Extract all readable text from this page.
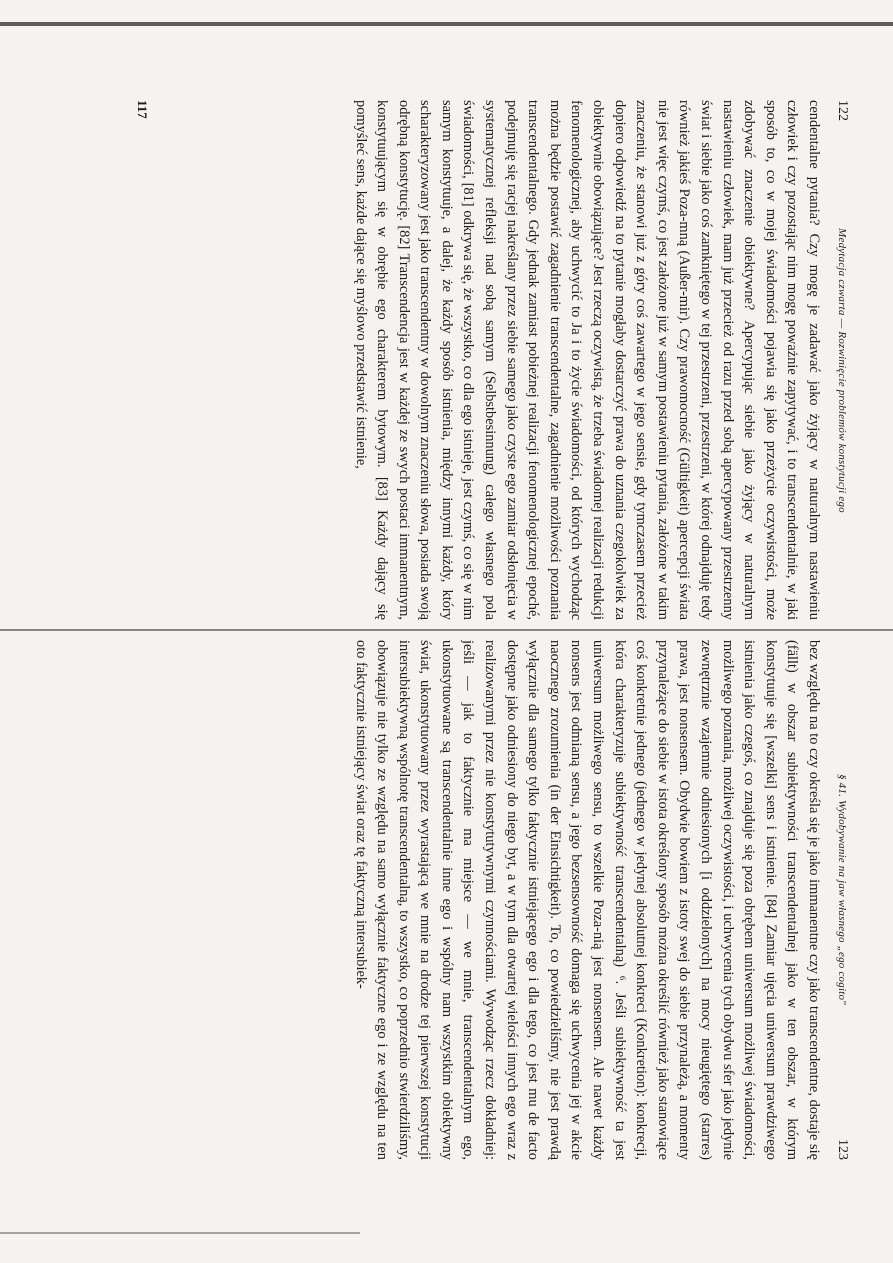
122
Medytacja czwarta — Rozwinięcie problemów konstytucji ego

cendentalne pytania? Czy mogę je zadawać jako żyjący w naturalnym nastawieniu człowiek i czy pozostając nim mogę poważnie zapytywać, i to transcendentalnie, w jaki sposób to, co w mojej świadomości pojawia się jako przeżycie oczywistości, może zdobywać znaczenie obiektywne? Apercypując siebie jako żyjący w naturalnym nastawieniu człowiek, mam już przecież od razu przed sobą apercypowany przestrzenny świat i siebie jako coś zamkniętego w tej przestrzeni, przestrzeni, w której odnajduję tedy również jakieś Poza-mną (Außer-mir). Czy prawomocność (Gültigkeit) apercepcji świata nie jest więc czymś, co jest założone już w samym postawieniu pytania, założone w takim znaczeniu, że stanowi już z góry coś zawartego w jego sensie, gdy tymczasem przecież dopiero odpowiedź na to pytanie mogłaby dostarczyć prawa do uznania czegokolwiek za obiektywnie obowiązujące? Jest rzeczą oczywistą, że trzeba świadomej realizacji redukcji fenomenologicznej, aby uchwycić to Ja i to życie świadomości, od których wychodząc można będzie postawić zagadnienie transcendentalne, zagadnienie możliwości poznania transcendentalnego. Gdy jednak zamiast pobieżnej realizacji fenomenologicznej epoché, podejmuję się racjej nakreślany przez siebie samego jako czyste ego zamiar odsłonięcia w systematycznej refleksji nad sobą samym (Selbstbesinnung) całego własnego pola świadomości, [81] odkrywa się, że wszystko, co dla ego istnieje, jest czymś, co się w nim samym konstytuuje, a dalej, że każdy sposób istnienia, między innymi każdy, który scharakteryzowany jest jako transcendentny w dowolnym znaczeniu słowa, posiada swoją odrębną konstytucję. [82] Transcendencja jest w każdej ze swych postaci immanentnym, konstytuującym się w obrębie ego charakterem bytowym. [83] Każdy dający się pomyśleć sens, każde dające się myślowo przedstawić istnienie,

117
§ 41. Wydobywanie na jaw własnego „ego cogito"
123

bez względu na to czy określa się je jako immanentne czy jako transcendentne, dostaje się (fällt) w obszar subiektywności transcendentalnej jako w ten obszar, w którym konstytuuje się [wszelki] sens i istnienie. [84] Zamiar ujęcia uniwersum prawdziwego istnienia jako czegoś, co znajduje się poza obrębem uniwersum możliwej świadomości, możliwego poznania, możliwej oczywistości, i uchwycenia tych obydwu sfer jako jedynie zewnętrznie wzajemnie odniesionych [i oddzielonych] na mocy nieugiętego (starres) prawa, jest nonsensem. Obydwie bowiem z istoty swej do siebie przynależą, a momenty przynależące do siebie w istota określony sposób można określić również jako stanowiące coś konkretnie jednego (jednego w jedynej absolutnej konkreci (Konkretion): konkrecji, która charakteryzuje subiektywność transcendentalną) ⁶. Jeśli subiektywność ta jest uniwersum możliwego sensu, to wszelkie Poza-nią jest nonsensem. Ale nawet każdy nonsens jest odmianą sensu, a jego bezsensowność domaga się uchwycenia jej w akcie naocznego zrozumienia (in der Einsichtigkeit). To, co powiedzieliśmy, nie jest prawdą wyłącznie dla samego tylko faktycznie istniejącego ego i dla tego, co jest mu de facto dostępne jako odniesiony do niego byt, a w tym dla otwartej wielości innych ego wraz z realizowanymi przez nie konstytutywnymi czynnościami. Wywodząc rzecz dokładniej: jeśli — jak to faktycznie ma miejsce — we mnie, transcendentalnym ego, ukonstytuowane są transcendentalnie inne ego i wspólny nam wszystkim obiektywny świat, ukonstytuowany przez wyrastającą we mnie na drodze tej pierwszej konstytucji intersubiektywną wspólnotę transcendentalną, to wszystko, co poprzednio stwierdziliśmy, obowiązuje nie tylko ze względu na samo wyłącznie faktyczne ego i ze względu na ten oto faktycznie istniejący świat oraz tę faktyczną intersubiek-
